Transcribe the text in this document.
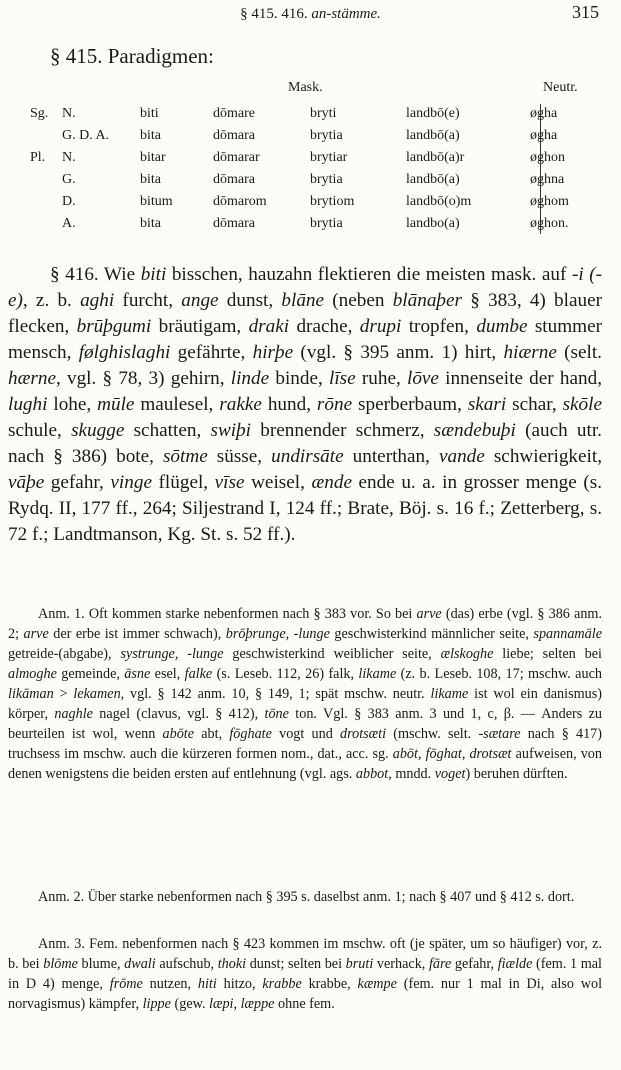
§ 415. 416. an-stämme.	315
§ 415. Paradigmen:
Mask.	Neutr.
Sg. N.	biti	dōmare	bryti	landbō(e)	øgha
G. D. A. bita	dōmara	brytia	landbō(a)	øgha
Pl. N.	bitar	dōmarar	brytiar	landbō(a)r	øghon
G.	bita	dōmara	brytia	landbō(a)	øghna
D.	bitum	dōmarom	brytiom	landbō(o)m	øghom
A.	bita	dōmara	brytia	landbo(a)	øghon.
§ 416. Wie biti bisschen, hauzahn flektieren die meisten mask. auf -i (-e), z. b. aghi furcht, ange dunst, blāne (neben blānaþer § 383, 4) blauer flecken, brūþgumi bräutigam, draki drache, drupi tropfen, dumbe stummer mensch, følghislaghi gefährte, hirþe (vgl. § 395 anm. 1) hirt, hiærne (selt. hærne, vgl. § 78, 3) gehirn, linde binde, līse ruhe, lōve innenseite der hand, lughi lohe, mūle maulesel, rakke hund, rōne sperberbaum, skari schar, skōle schule, skugge schatten, swiþi brennender schmerz, sændebuþi (auch utr. nach § 386) bote, sōtme süsse, undirsāte unterthan, vande schwierigkeit, vāþe gefahr, vinge flügel, vīse weisel, ænde ende u. a. in grosser menge (s. Rydq. II, 177 ff., 264; Siljestrand I, 124 ff.; Brate, Böj. s. 16 f.; Zetterberg, s. 72 f.; Landtmanson, Kg. St. s. 52 ff.).
Anm. 1. Oft kommen starke nebenformen nach § 383 vor. So bei arve (das) erbe (vgl. § 386 anm. 2; arve der erbe ist immer schwach), brōþrunge, -lunge geschwisterkind männlicher seite, spannamāle getreide-(abgabe), systrunge, -lunge geschwisterkind weiblicher seite, ælskoghe liebe; selten bei almoghe gemeinde, āsne esel, falke (s. Leseb. 112, 26) falk, likame (z. b. Leseb. 108, 17; mschw. auch likāman > lekamen, vgl. § 142 anm. 10, § 149, 1; spät mschw. neutr. likame ist wol ein danismus) körper, naghle nagel (clavus, vgl. § 412), tōne ton. Vgl. § 383 anm. 3 und 1, c, β. — Anders zu beurteilen ist wol, wenn abōte abt, fōghate vogt und drotsæti (mschw. selt. -sætare nach § 417) truchsess im mschw. auch die kürzeren formen nom., dat., acc. sg. abōt, fōghat, drotsæt aufweisen, von denen wenigstens die beiden ersten auf entlehnung (vgl. ags. abbot, mndd. voget) beruhen dürften.
Anm. 2. Über starke nebenformen nach § 395 s. daselbst anm. 1; nach § 407 und § 412 s. dort.
Anm. 3. Fem. nebenformen nach § 423 kommen im mschw. oft (je später, um so häufiger) vor, z. b. bei blōme blume, dwali aufschub, thoki dunst; selten bei bruti verhack, fāre gefahr, fiælde (fem. 1 mal in D 4) menge, frōme nutzen, hiti hitzo, krabbe krabbe, kæmpe (fem. nur 1 mal in Di, also wol norvagismus) kämpfer, lippe (gew. læpi, læppe ohne fem.
